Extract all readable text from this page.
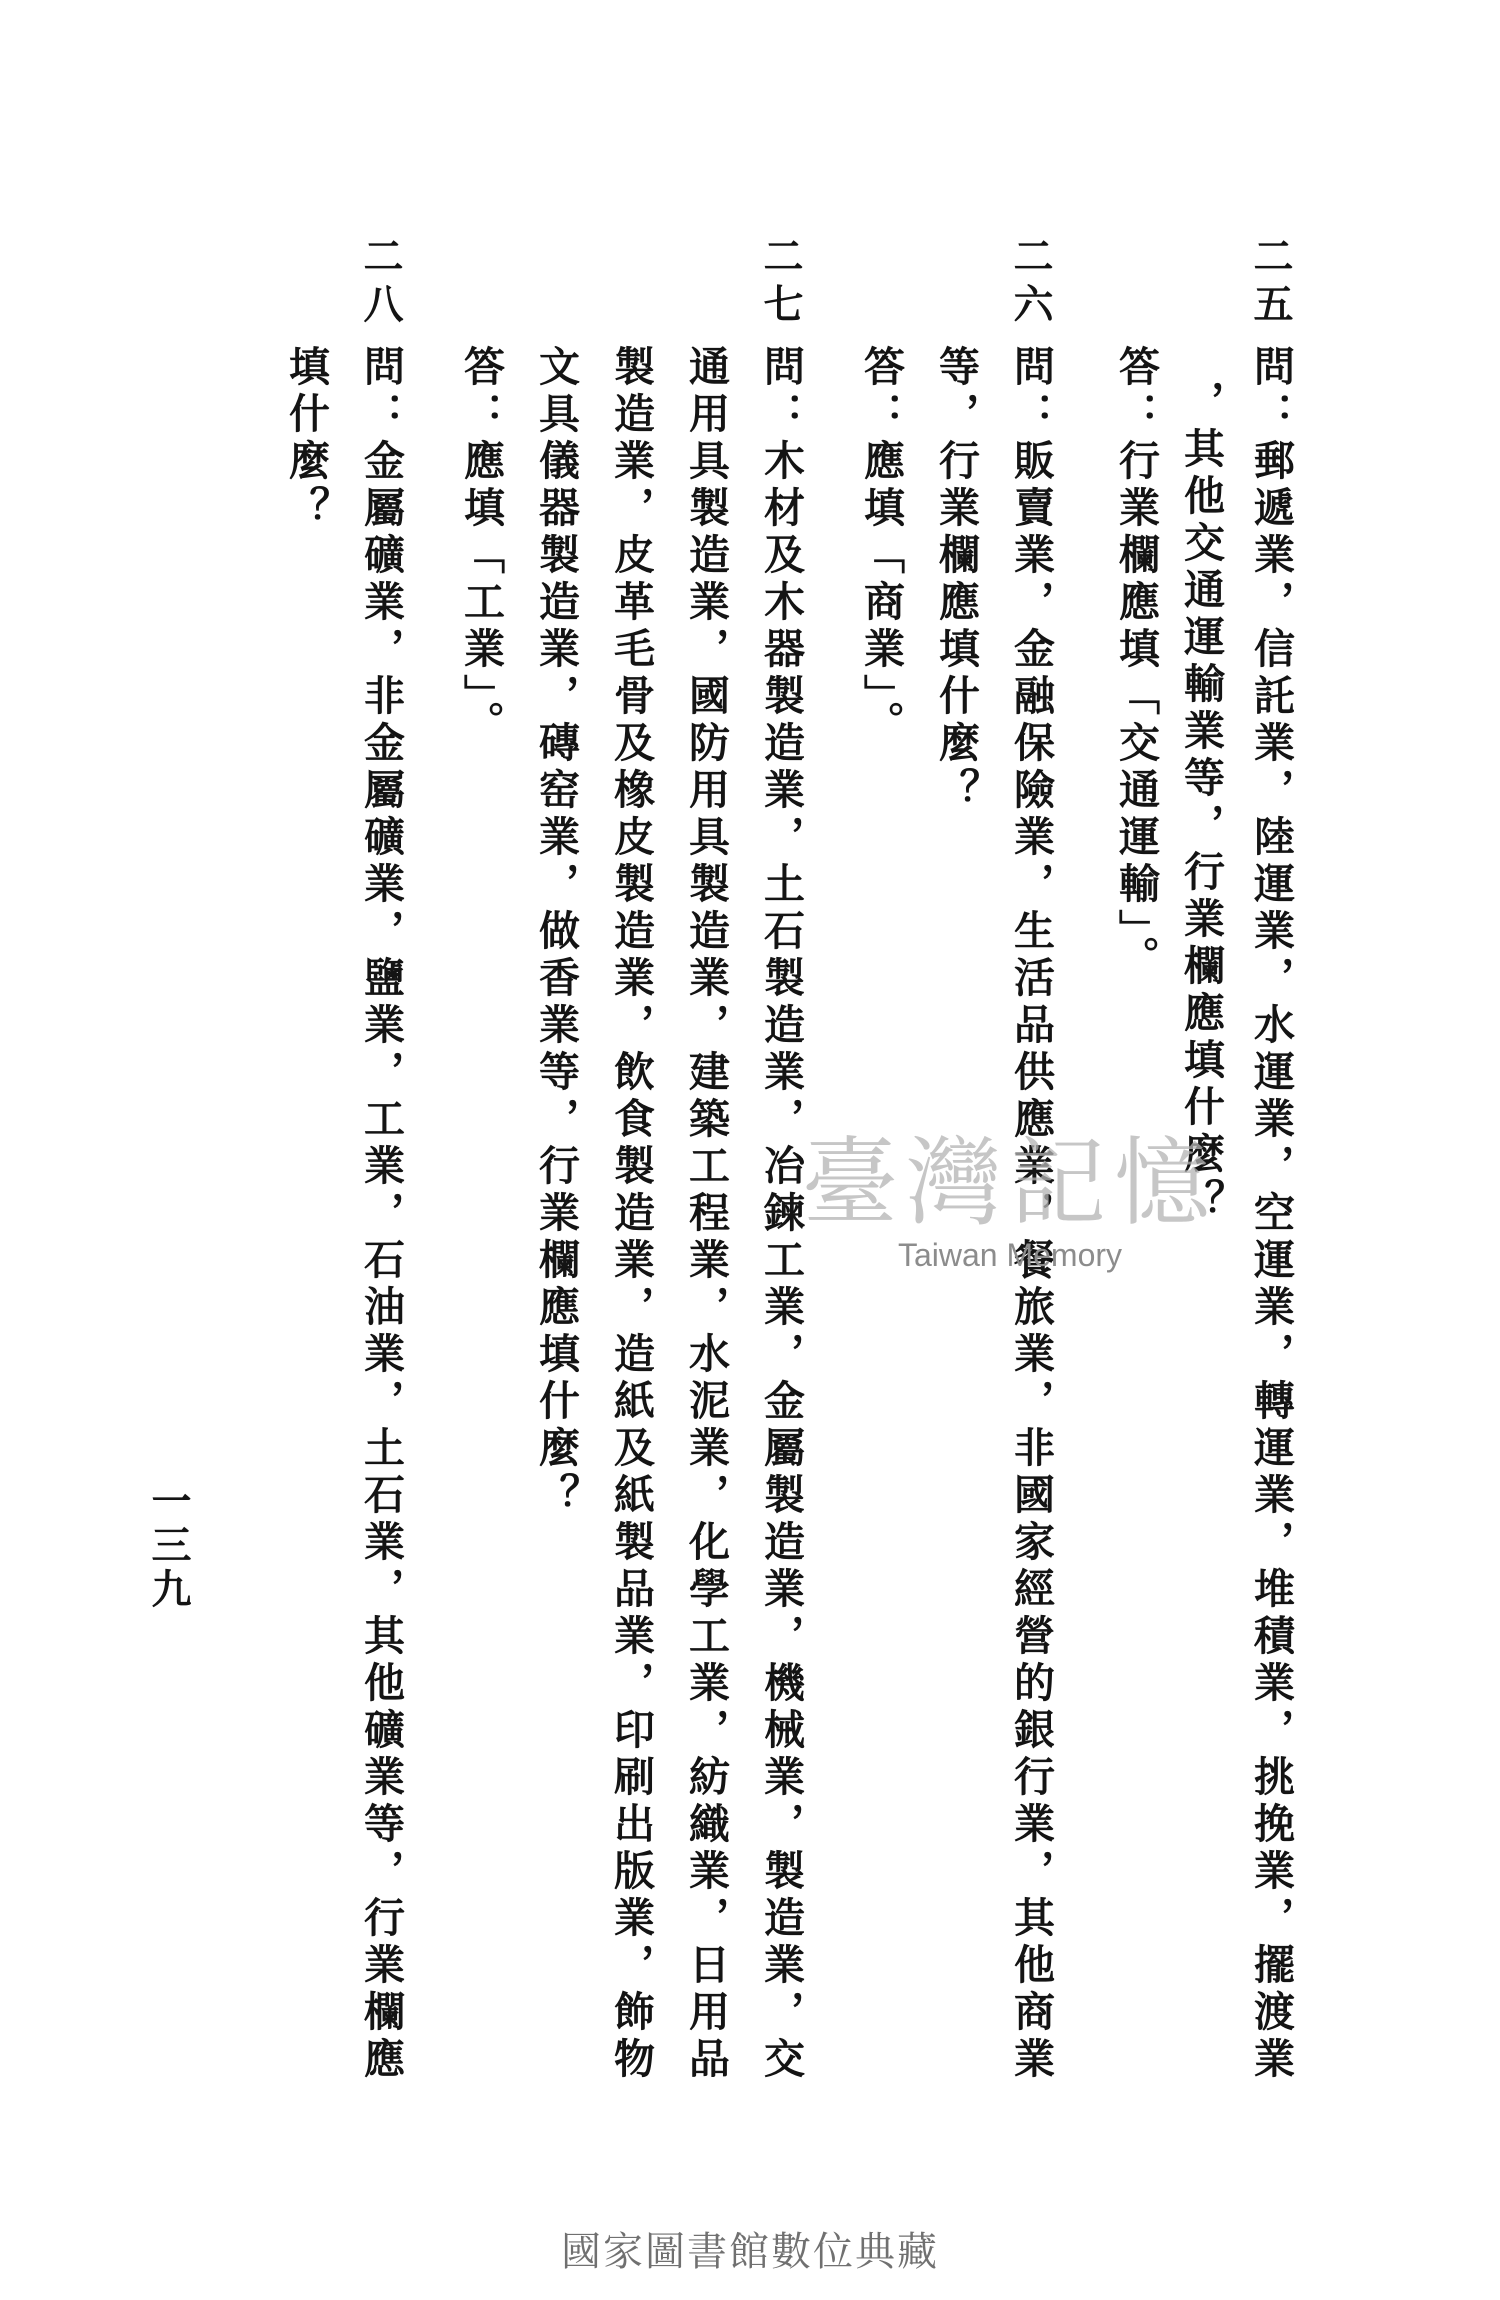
二五
問：郵遞業，信託業，陸運業，水運業，空運業，轉運業，堆積業，挑挽業，擺渡業
，其他交通運輸業等，行業欄應填什麼？
答：行業欄應填「交通運輸」。
二六
問：販賣業，金融保險業，生活品供應業，餐旅業，非國家經營的銀行業，其他商業
等，行業欄應填什麼？
答：應填「商業」。
二七
問：木材及木器製造業，土石製造業，冶鍊工業，金屬製造業，機械業，製造業，交
通用具製造業，國防用具製造業，建築工程業，水泥業，化學工業，紡織業，日用品
製造業，皮革毛骨及橡皮製造業，飲食製造業，造紙及紙製品業，印刷出版業，飾物
文具儀器製造業，磚窑業，做香業等，行業欄應填什麼？
答：應填「工業」。
二八
問：金屬礦業，非金屬礦業，鹽業，工業，石油業，土石業，其他礦業等，行業欄應
填什麼？
一三九
臺灣記憶
Taiwan Memory
國家圖書館數位典藏
